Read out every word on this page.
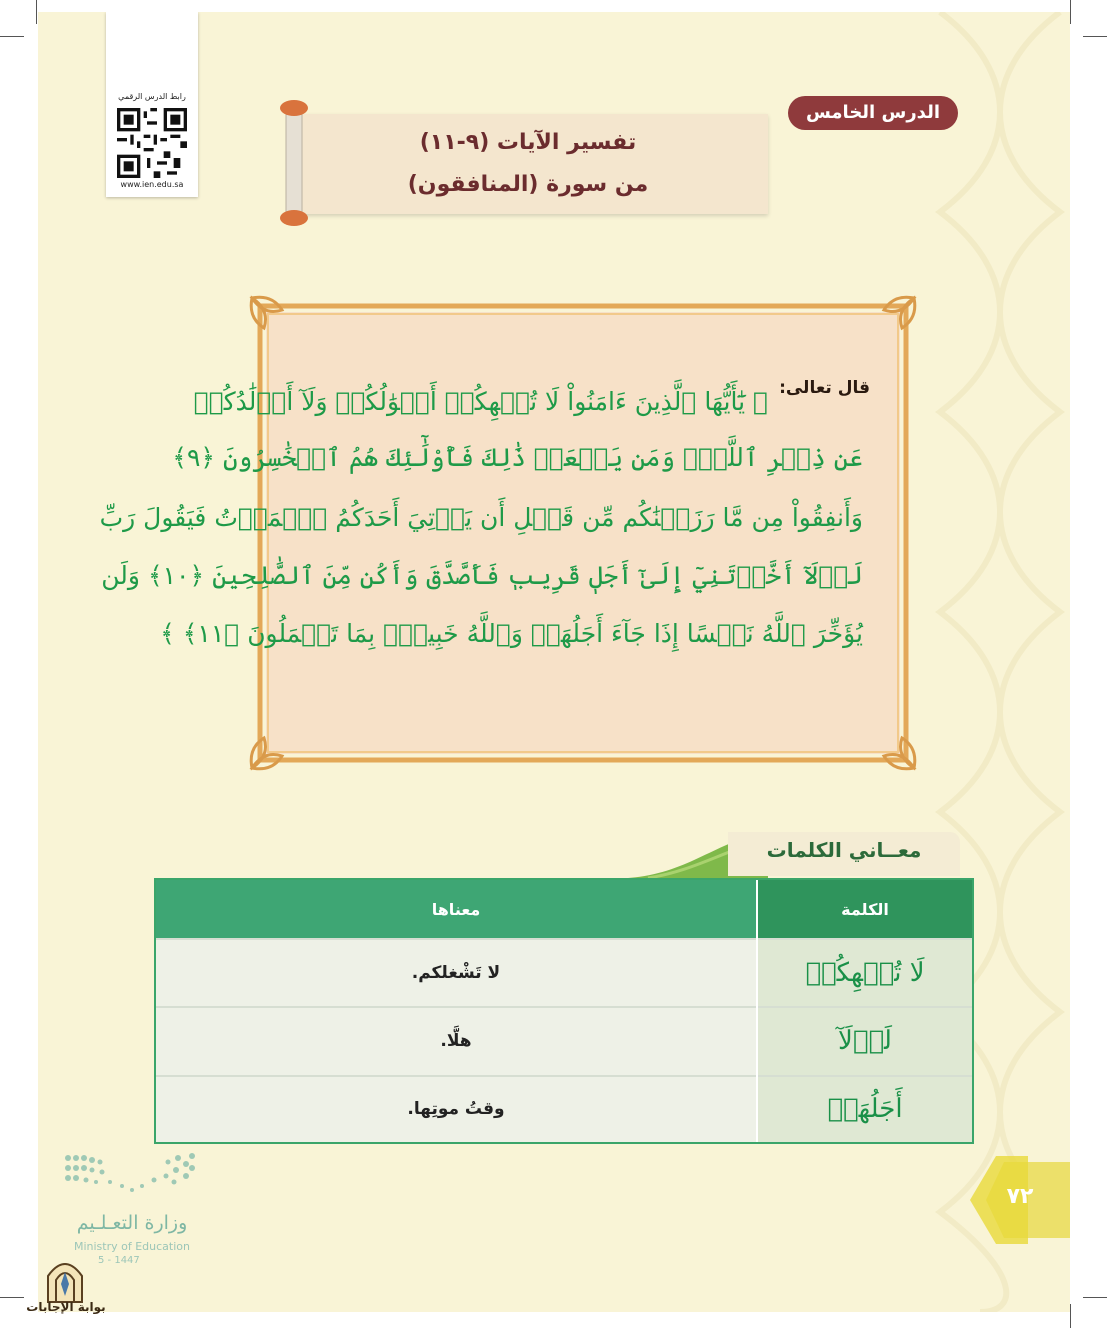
رابط الدرس الرقمي
www.ien.edu.sa
الدرس الخامس
تفسير الآيات (٩-١١)
من سورة (المنافقون)
قال تعالى:
﴿ يَٰٓأَيُّهَا ٱلَّذِينَ ءَامَنُواْ لَا تُلۡهِكُمۡ أَمۡوَٰلُكُمۡ وَلَآ أَوۡلَٰدُكُمۡ
عَن ذِكۡرِ ٱللَّهِۚ وَمَن يَفۡعَلۡ ذَٰلِكَ فَأُوْلَٰٓئِكَ هُمُ ٱلۡخَٰسِرُونَ ﴿٩﴾
وَأَنفِقُواْ مِن مَّا رَزَقۡنَٰكُم مِّن قَبۡلِ أَن يَأۡتِيَ أَحَدَكُمُ ٱلۡمَوۡتُ فَيَقُولَ رَبِّ
لَوۡلَآ أَخَّرۡتَنِيٓ إِلَىٰٓ أَجَلٖ قَرِيبٖ فَأَصَّدَّقَ وَأَكُن مِّنَ ٱلصَّٰلِحِينَ ﴿١٠﴾ وَلَن
يُؤَخِّرَ ٱللَّهُ نَفۡسًا إِذَا جَآءَ أَجَلُهَاۚ وَٱللَّهُ خَبِيرُۢ بِمَا تَعۡمَلُونَ ﴿١١﴾ ﴾
معــاني الكلمات
الكلمة	معناها
لَا تُلۡهِكُمۡ	لا تَشْغلكم.
لَوۡلَآ	هلَّا.
أَجَلُهَاۚ	وقتُ موتِها.
٧٢
وزارة التعـلـيم
Ministry of Education
5 - 1447
بوابة الإجابات
